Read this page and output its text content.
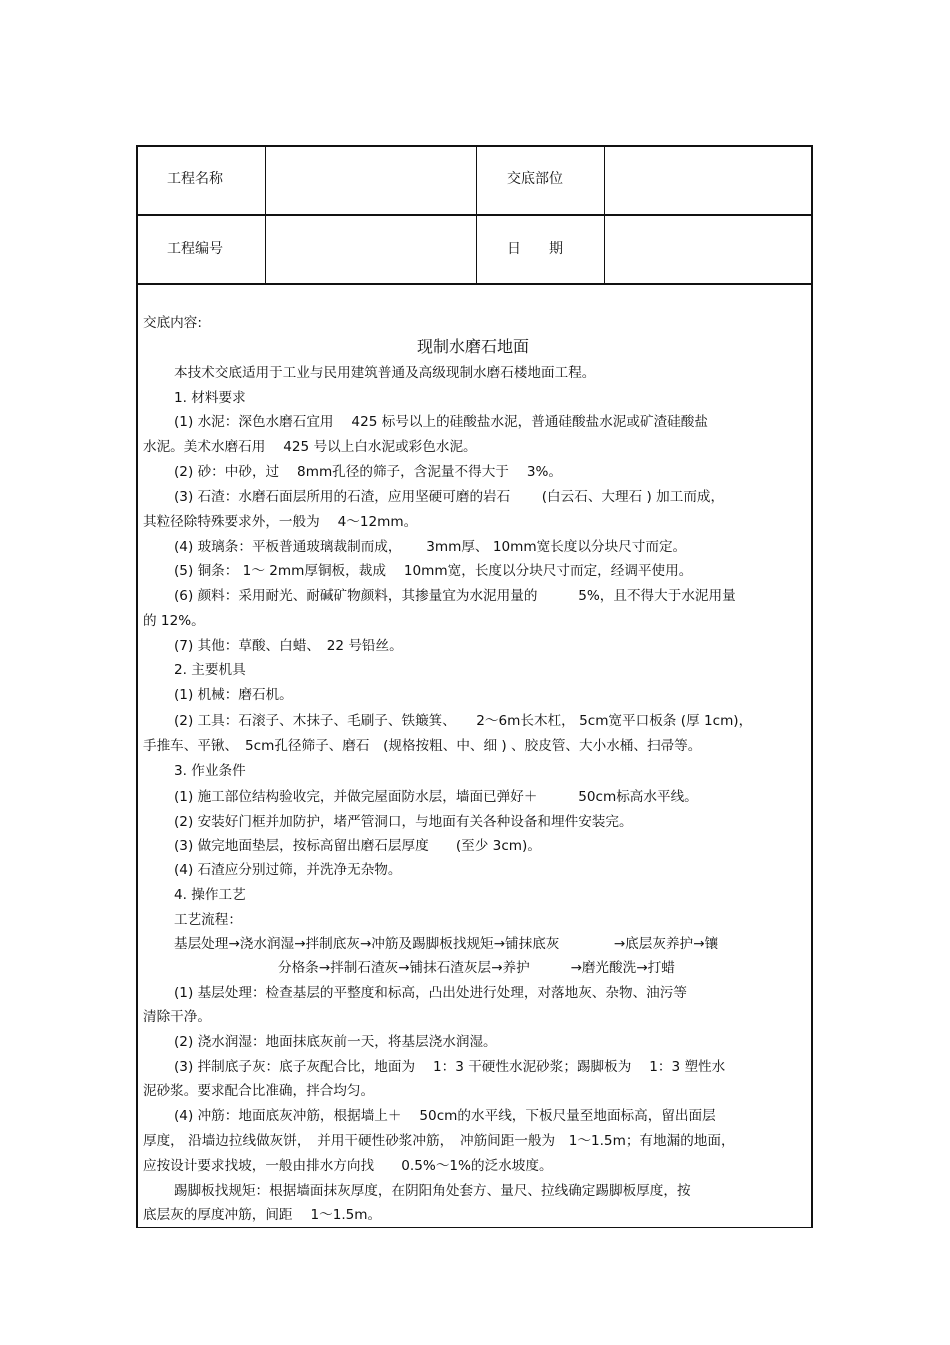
工程名称	交底部位
工程编号	日　　期
交底内容:
现制水磨石地面
本技术交底适用于工业与民用建筑普通及高级现制水磨石楼地面工程。
1. 材料要求
(1) 水泥：深色水磨石宜用　 425 标号以上的硅酸盐水泥，普通硅酸盐水泥或矿渣硅酸盐
水泥。美术水磨石用　 425 号以上白水泥或彩色水泥。
(2) 砂：中砂，过　 8mm孔径的筛子，含泥量不得大于　 3%。
(3) 石渣：水磨石面层所用的石渣，应用坚硬可磨的岩石　　 (白云石、大理石 ) 加工而成，
其粒径除特殊要求外，一般为　 4～12mm。
(4) 玻璃条：平板普通玻璃裁制而成，　　 3mm厚、 10mm宽长度以分块尺寸而定。
(5) 铜条： 1～ 2mm厚铜板，裁成　 10mm宽，长度以分块尺寸而定，经调平使用。
(6) 颜料：采用耐光、耐碱矿物颜料，其掺量宜为水泥用量的　　　5%，且不得大于水泥用量
的 12%。
(7) 其他：草酸、白蜡、　22 号铅丝。
2. 主要机具
(1) 机械：磨石机。
(2) 工具：石滚子、木抹子、毛刷子、铁簸箕、　　2～6m长木杠， 5cm宽平口板条 (厚 1cm)，
手推车、平锹、　5cm孔径筛子、磨石　(规格按粗、中、细 ) 、胶皮管、大小水桶、扫帚等。
3. 作业条件
(1) 施工部位结构验收完，并做完屋面防水层，墙面已弹好＋　　　50cm标高水平线。
(2) 安装好门框并加防护，堵严管洞口，与地面有关各种设备和埋件安装完。
(3) 做完地面垫层，按标高留出磨石层厚度　　(至少 3cm)。
(4) 石渣应分别过筛，并洗净无杂物。
4. 操作工艺
工艺流程：
基层处理→浇水润湿→拌制底灰→冲筋及踢脚板找规矩→铺抹底灰　　　　→底层灰养护→镶
分格条→拌制石渣灰→铺抹石渣灰层→养护　　　→磨光酸洗→打蜡
(1) 基层处理：检查基层的平整度和标高，凸出处进行处理，对落地灰、杂物、油污等
清除干净。
(2) 浇水润湿：地面抹底灰前一天，将基层浇水润湿。
(3) 拌制底子灰：底子灰配合比，地面为　 1：3 干硬性水泥砂浆；踢脚板为　 1：3 塑性水
泥砂浆。要求配合比准确，拌合均匀。
(4) 冲筋：地面底灰冲筋，根据墙上＋　 50cm的水平线，下板尺量至地面标高，留出面层
厚度， 沿墙边拉线做灰饼，　并用干硬性砂浆冲筋，　冲筋间距一般为　1～1.5m；有地漏的地面，
应按设计要求找坡，一般由排水方向找　　0.5%～1%的泛水坡度。
踢脚板找规矩：根据墙面抹灰厚度，在阴阳角处套方、量尺、拉线确定踢脚板厚度，按
底层灰的厚度冲筋，间距　 1～1.5m。
